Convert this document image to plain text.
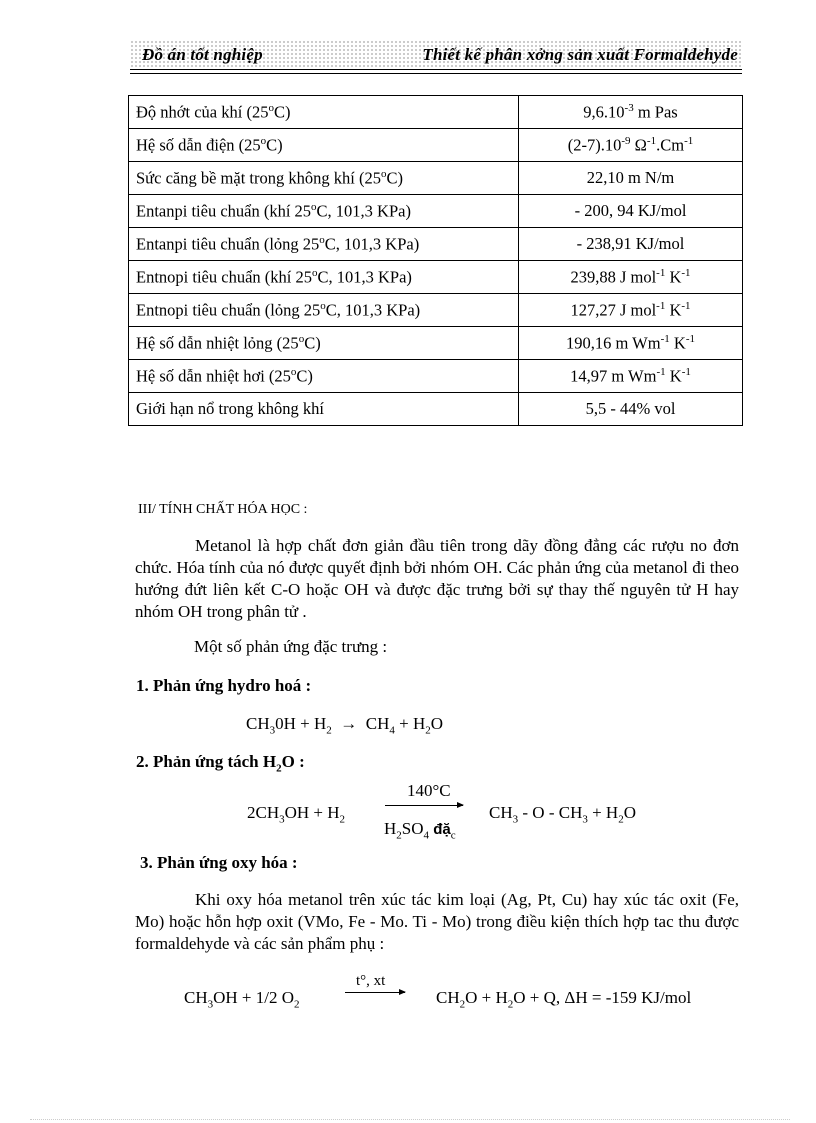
Đồ án tốt nghiệp	Thiết kế phân xởng sản xuất Formaldehyde
Độ nhớt của khí (25$^o$C)	$9,6.10^{-3}$ m Pas
Hệ số dẫn điện (25$^o$C)	$(2-7).10^{-9}$ $\Omega^{-1}.Cm^{-1}$
Sức căng bề mặt trong không khí (25$^o$C)	22,10 m N/m
Entanpi tiêu chuẩn (khí 25$^o$C, 101,3 KPa)	- 200, 94 KJ/mol
Entanpi tiêu chuẩn (lỏng 25$^o$C, 101,3 KPa)	- 238,91 KJ/mol
Entnopi tiêu chuẩn (khí 25$^o$C, 101,3 KPa)	239,88 J mol$^{-1}$ $K^{-1}$
Entnopi tiêu chuẩn (lỏng 25$^o$C, 101,3 KPa)	127,27 J mol$^{-1}$ $K^{-1}$
Hệ số dẫn nhiệt lỏng (25$^o$C)	190,16 m $Wm^{-1}$ $K^{-1}$
Hệ số dẫn nhiệt hơi (25$^o$C)	14,97 m $Wm^{-1}$ $K^{-1}$
Giới hạn nổ trong không khí	5,5 - 44% vol
III/ TÍNH CHẤT HÓA HỌC :
Metanol là hợp chất đơn giản đầu tiên trong dãy đồng đẳng các rượu no đơn chức. Hóa tính của nó được quyết định bởi nhóm OH. Các phản ứng của metanol đi theo hướng đứt liên kết C-O hoặc OH và được đặc trưng bởi sự thay thế nguyên tử H hay nhóm OH trong phân tử .
Một số phản ứng đặc trưng :
1. Phản ứng hydro hoá :
$CH_30H + H_2 \to CH_4 + H_2O$
2. Phản ứng tách $H_2O$ :
$2CH_3OH + H_2$
140°C
$H_2SO_4$ đặ$_c$
$CH_3 - O - CH_3 + H_2O$
3. Phản ứng oxy hóa :
Khi oxy hóa metanol trên xúc tác kim loại (Ag, Pt, Cu) hay xúc tác oxit (Fe, Mo) hoặc hỗn hợp oxit (VMo, Fe - Mo. Ti - Mo) trong điều kiện thích hợp tac thu được formaldehyde và các sản phẩm phụ :
$CH_3OH + 1/2$ $O_2$
t°, xt
$CH_2O + H_2O + Q$, ΔH = -159 KJ/mol
